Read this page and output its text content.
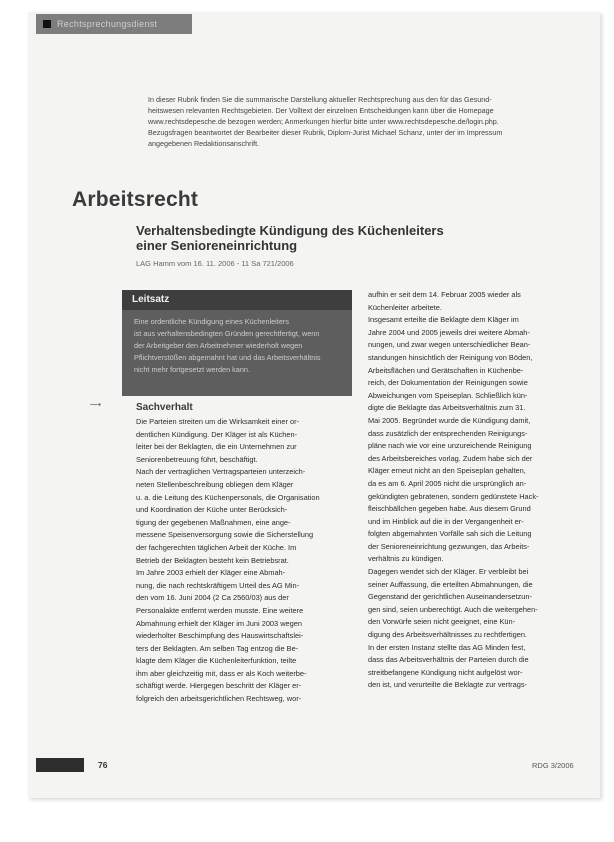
Rechtsprechungsdienst
In dieser Rubrik finden Sie die summarische Darstellung aktueller Rechtsprechung aus den für das Gesund-
heitswesen relevanten Rechtsgebieten. Der Volltext der einzelnen Entscheidungen kann über die Homepage
www.rechtsdepesche.de bezogen werden; Anmerkungen hierfür bitte unter www.rechtsdepesche.de/login.php.
Bezugsfragen beantwortet der Bearbeiter dieser Rubrik, Diplom-Jurist Michael Schanz, unter der im Impressum
angegebenen Redaktionsanschrift.
Arbeitsrecht
Verhaltensbedingte Kündigung des Küchenleiters
einer Senioreneinrichtung
LAG Hamm vom 16. 11. 2006 - 11 Sa 721/2006
Leitsatz
Eine ordentliche Kündigung eines Küchenleiters
ist aus verhaltensbedingten Gründen gerechtfertigt, wenn
der Arbeitgeber den Arbeitnehmer wiederholt wegen
Pflichtverstößen abgemahnt hat und das Arbeitsverhältnis
nicht mehr fortgesetzt werden kann.
⁓▪	Sachverhalt
Die Parteien streiten um die Wirksamkeit einer or-
dentlichen Kündigung. Der Kläger ist als Küchen-
leiter bei der Beklagten, die ein Unternehmen zur
Seniorenbetreuung führt, beschäftigt.
Nach der vertraglichen Vertragsparteien unterzeich-
neten Stellenbeschreibung obliegen dem Kläger
u. a. die Leitung des Küchenpersonals, die Organisation
und Koordination der Küche unter Berücksich-
tigung der gegebenen Maßnahmen, eine ange-
messene Speisenversorgung sowie die Sicherstellung
der fachgerechten täglichen Arbeit der Küche. Im
Betrieb der Beklagten besteht kein Betriebsrat.
Im Jahre 2003 erhielt der Kläger eine Abmah-
nung, die nach rechtskräftigem Urteil des AG Min-
den vom 16. Juni 2004 (2 Ca 2560/03) aus der
Personalakte entfernt werden musste. Eine weitere
Abmahnung erhielt der Kläger im Juni 2003 wegen
wiederholter Beschimpfung des Hauswirtschaftslei-
ters der Beklagten. Am selben Tag entzog die Be-
klagte dem Kläger die Küchenleiterfunktion, teilte
ihm aber gleichzeitig mit, dass er als Koch weiterbe-
schäftigt werde. Hiergegen beschritt der Kläger er-
folgreich den arbeitsgerichtlichen Rechtsweg, wor-
aufhin er seit dem 14. Februar 2005 wieder als
Küchenleiter arbeitete.
Insgesamt erteilte die Beklagte dem Kläger im
Jahre 2004 und 2005 jeweils drei weitere Abmah-
nungen, und zwar wegen unterschiedlicher Bean-
standungen hinsichtlich der Reinigung von Böden,
Arbeitsflächen und Gerätschaften in Küchenbe-
reich, der Dokumentation der Reinigungen sowie
Abweichungen vom Speiseplan. Schließlich kün-
digte die Beklagte das Arbeitsverhältnis zum 31.
Mai 2005. Begründet wurde die Kündigung damit,
dass zusätzlich der entsprechenden Reinigungs-
pläne nach wie vor eine unzureichende Reinigung
des Arbeitsbereiches vorlag. Zudem habe sich der
Kläger erneut nicht an den Speiseplan gehalten,
da es am 6. April 2005 nicht die ursprünglich an-
gekündigten gebratenen, sondern gedünstete Hack-
fleischbällchen gegeben habe. Aus diesem Grund
und im Hinblick auf die in der Vergangenheit er-
folgten abgemahnten Vorfälle sah sich die Leitung
der Senioreneinrichtung gezwungen, das Arbeits-
verhältnis zu kündigen.
Dagegen wendet sich der Kläger. Er verbleibt bei
seiner Auffassung, die erteilten Abmahnungen, die
Gegenstand der gerichtlichen Auseinandersetzun-
gen sind, seien unberechtigt. Auch die weitergehen-
den Vorwürfe seien nicht geeignet, eine Kün-
digung des Arbeitsverhältnisses zu rechtfertigen.
In der ersten Instanz stellte das AG Minden fest,
dass das Arbeitsverhältnis der Parteien durch die
streitbefangene Kündigung nicht aufgelöst wor-
den ist, und verurteilte die Beklagte zur vertrags-
76	RDG 3/2006
